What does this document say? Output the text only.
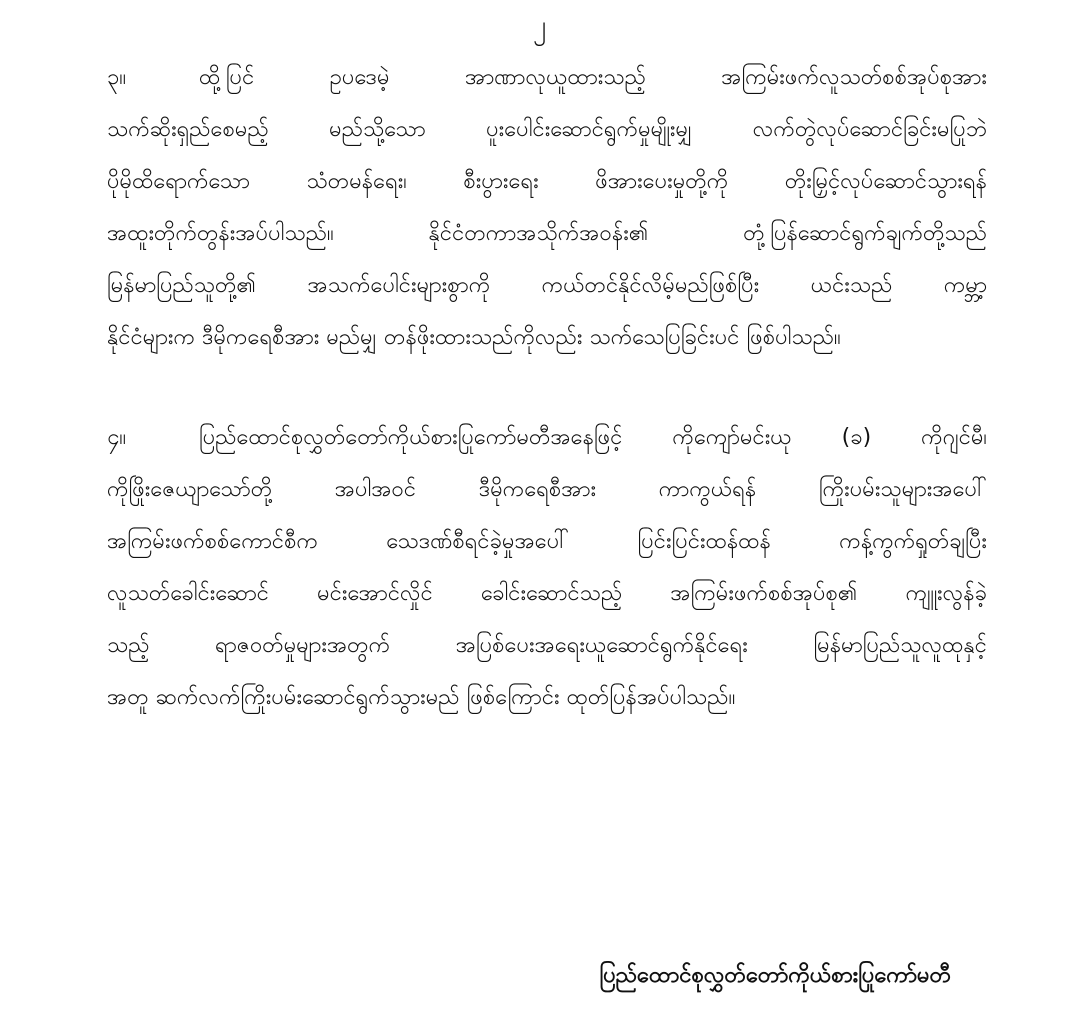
၂
၃။	ထို့ပြင် ဥပဒေမဲ့ အာဏာလုယူထားသည့် အကြမ်းဖက်လူသတ်စစ်အုပ်စုအား
သက်ဆိုးရှည်စေမည့် မည်သို့သော ပူးပေါင်းဆောင်ရွက်မှုမျိုးမျှ လက်တွဲလုပ်ဆောင်ခြင်းမပြုဘဲ
ပိုမိုထိရောက်သော သံတမန်ရေး၊ စီးပွားရေး ဖိအားပေးမှုတို့ကို တိုးမြှင့်လုပ်ဆောင်သွားရန်
အထူးတိုက်တွန်းအပ်ပါသည်။ နိုင်ငံတကာအသိုက်အဝန်း၏ တုံ့ပြန်ဆောင်ရွက်ချက်တို့သည်
မြန်မာပြည်သူတို့၏ အသက်ပေါင်းများစွာကို ကယ်တင်နိုင်လိမ့်မည်ဖြစ်ပြီး ယင်းသည် ကမ္ဘာ့
နိုင်ငံများက ဒီမိုကရေစီအား မည်မျှ တန်ဖိုးထားသည်ကိုလည်း သက်သေပြခြင်းပင် ဖြစ်ပါသည်။
၄။	ပြည်ထောင်စုလွှတ်တော်ကိုယ်စားပြုကော်မတီအနေဖြင့် ကိုကျော်မင်းယု (ခ) ကိုဂျင်မီ၊
ကိုဖြိုးဇေယျာသော်တို့ အပါအဝင် ဒီမိုကရေစီအား ကာကွယ်ရန် ကြိုးပမ်းသူများအပေါ်
အကြမ်းဖက်စစ်ကောင်စီက သေဒဏ်စီရင်ခဲ့မှုအပေါ် ပြင်းပြင်းထန်ထန် ကန့်ကွက်ရှုတ်ချပြီး
လူသတ်ခေါင်းဆောင် မင်းအောင်လှိုင် ခေါင်းဆောင်သည့် အကြမ်းဖက်စစ်အုပ်စု၏ ကျူးလွန်ခဲ့
သည့် ရာဇဝတ်မှုများအတွက် အပြစ်ပေးအရေးယူဆောင်ရွက်နိုင်ရေး မြန်မာပြည်သူလူထုနှင့်
အတူ ဆက်လက်ကြိုးပမ်းဆောင်ရွက်သွားမည် ဖြစ်ကြောင်း ထုတ်ပြန်အပ်ပါသည်။
ပြည်ထောင်စုလွှတ်တော်ကိုယ်စားပြုကော်မတီ
